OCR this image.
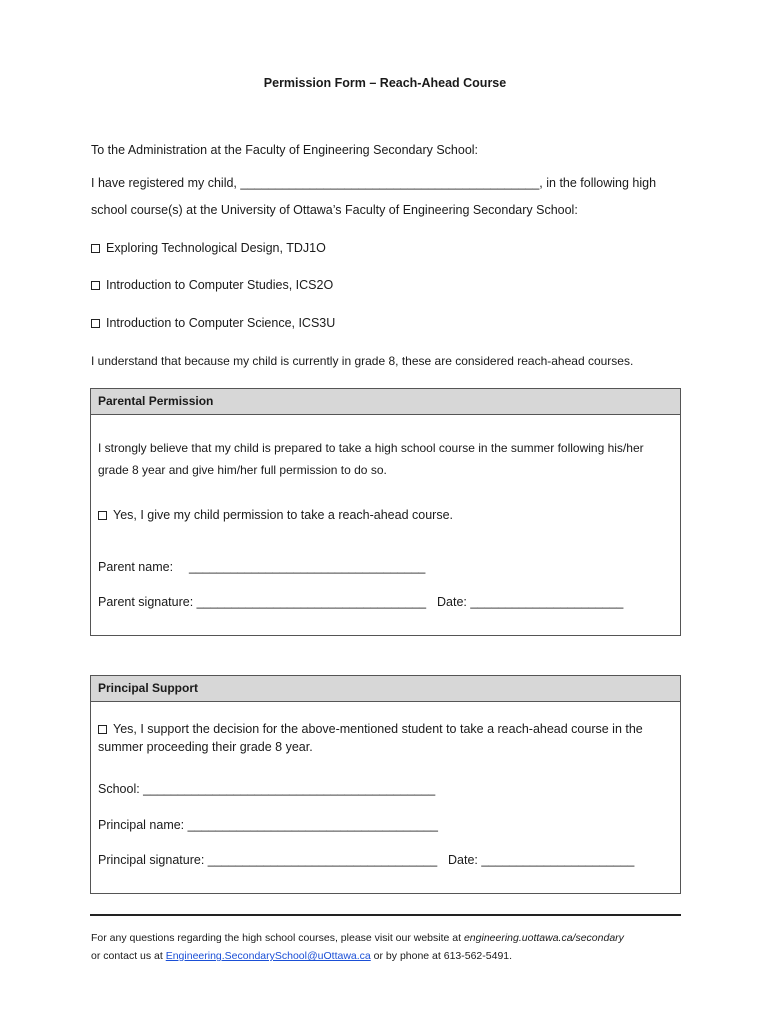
Permission Form – Reach-Ahead Course
To the Administration at the Faculty of Engineering Secondary School:
I have registered my child, ___________________________________________, in the following high
school course(s) at the University of Ottawa’s Faculty of Engineering Secondary School:
Exploring Technological Design, TDJ1O
Introduction to Computer Studies, ICS2O
Introduction to Computer Science, ICS3U
I understand that because my child is currently in grade 8, these are considered reach-ahead courses.
Parental Permission
I strongly believe that my child is prepared to take a high school course in the summer following his/her
grade 8 year and give him/her full permission to do so.
Yes, I give my child permission to take a reach-ahead course.
Parent name: __________________________________
Parent signature: _________________________________ Date: ______________________
Principal Support
Yes, I support the decision for the above-mentioned student to take a reach-ahead course in the
summer proceeding their grade 8 year.
School: __________________________________________
Principal name: ____________________________________
Principal signature: _________________________________ Date: ______________________
For any questions regarding the high school courses, please visit our website at engineering.uottawa.ca/secondary
or contact us at Engineering.SecondarySchool@uOttawa.ca or by phone at 613-562-5491.
